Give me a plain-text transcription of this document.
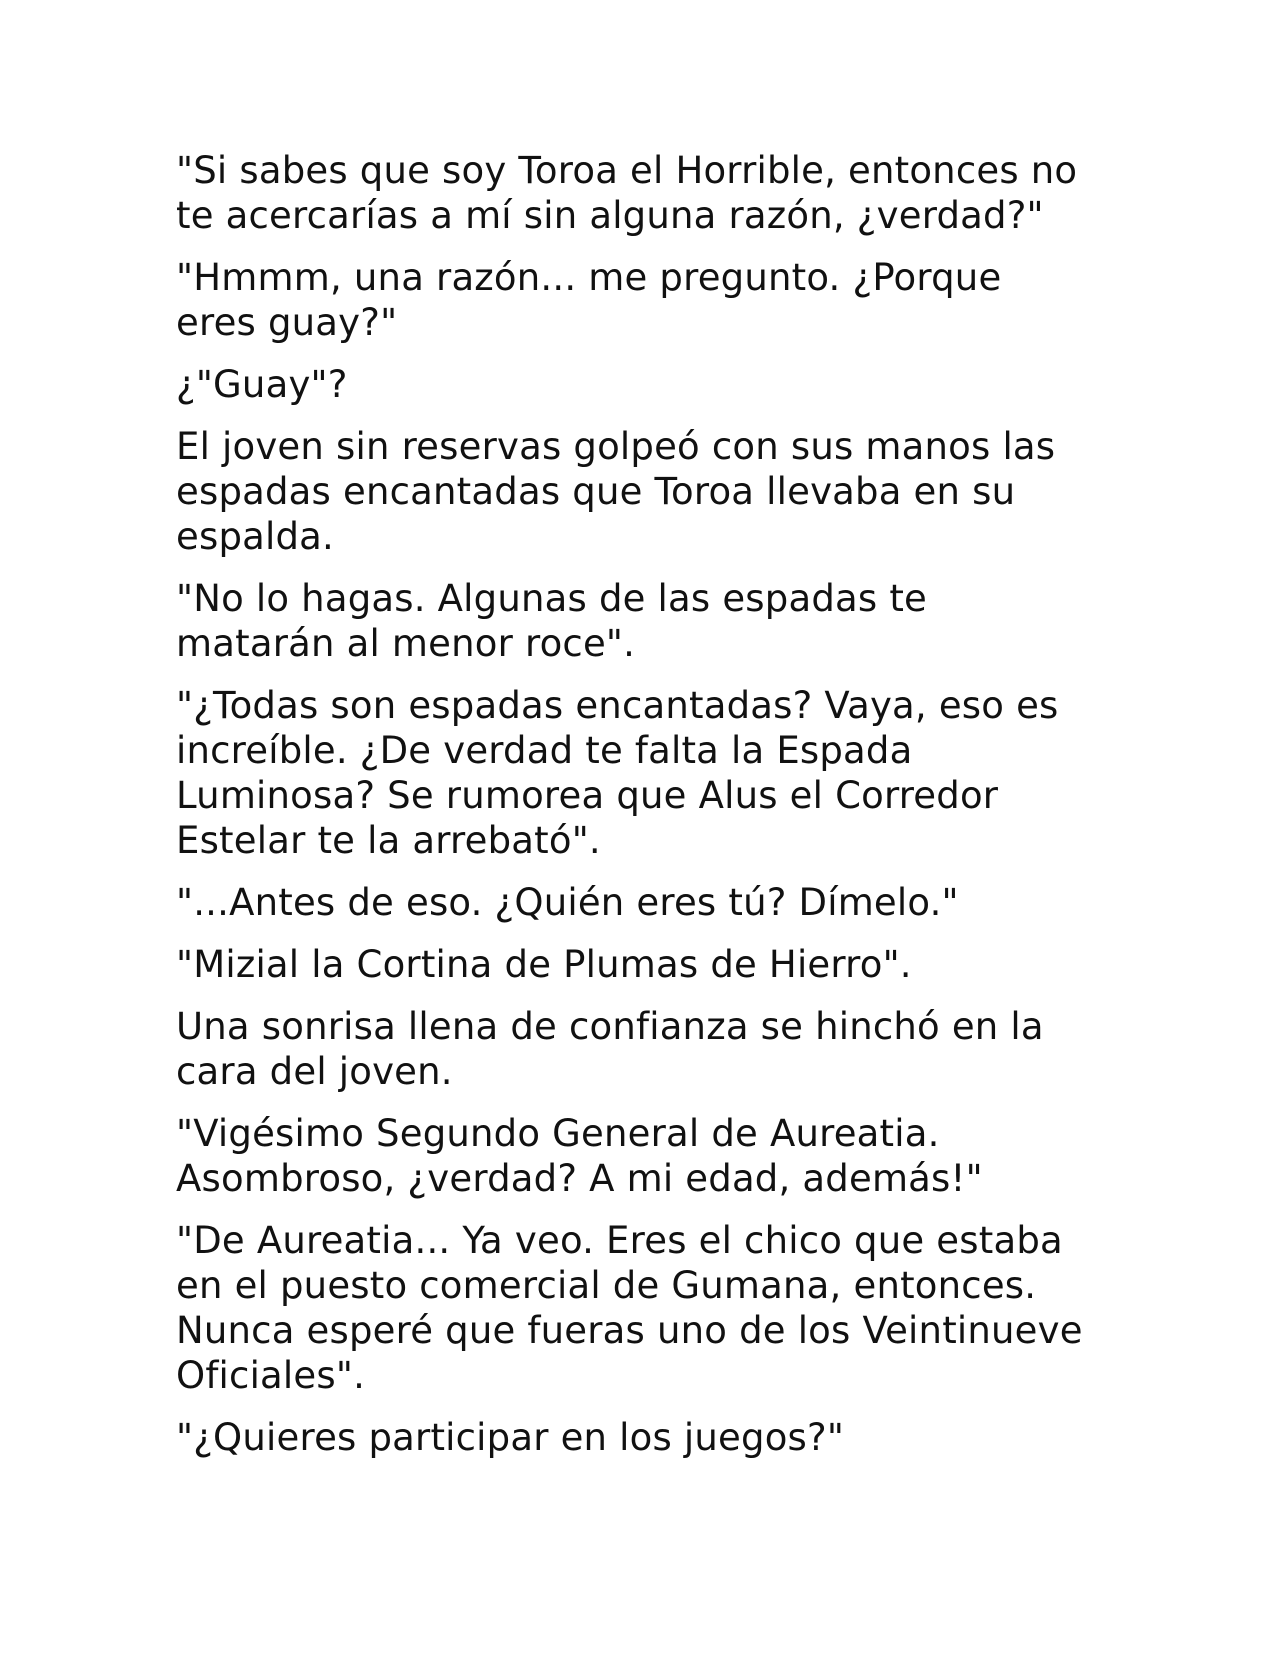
"Si sabes que soy Toroa el Horrible, entonces no
te acercarías a mí sin alguna razón, ¿verdad?"

"Hmmm, una razón... me pregunto. ¿Porque
eres guay?"

¿"Guay"?

El joven sin reservas golpeó con sus manos las
espadas encantadas que Toroa llevaba en su
espalda.

"No lo hagas. Algunas de las espadas te
matarán al menor roce".

"¿Todas son espadas encantadas? Vaya, eso es
increíble. ¿De verdad te falta la Espada
Luminosa? Se rumorea que Alus el Corredor
Estelar te la arrebató".

"...Antes de eso. ¿Quién eres tú? Dímelo."

"Mizial la Cortina de Plumas de Hierro".

Una sonrisa llena de confianza se hinchó en la
cara del joven.

"Vigésimo Segundo General de Aureatia.
Asombroso, ¿verdad? A mi edad, además!"

"De Aureatia... Ya veo. Eres el chico que estaba
en el puesto comercial de Gumana, entonces.
Nunca esperé que fueras uno de los Veintinueve
Oficiales".

"¿Quieres participar en los juegos?"
